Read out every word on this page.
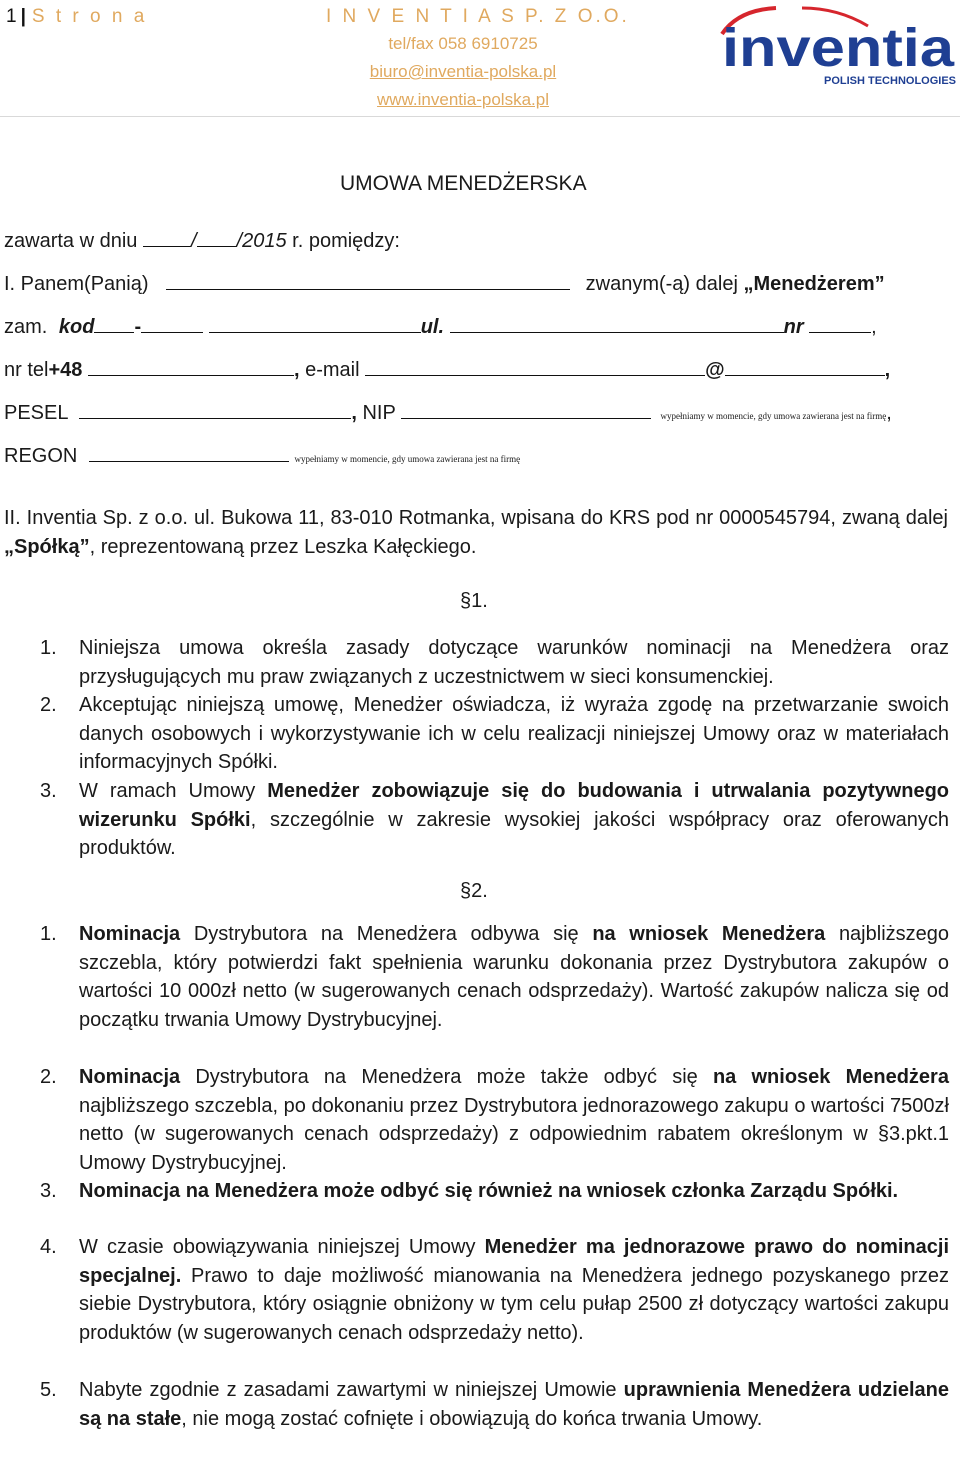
1 | S t r o n a	I N V E N T I A S P. Z O.O.
tel/fax 058 6910725
biuro@inventia-polska.pl
www.inventia-polska.pl
inventia
POLISH TECHNOLOGIES
UMOWA MENEDŻERSKA
zawarta w dniu	/ /2015 r. pomiędzy:
I. Panem(Panią)	zwanym(-ą) dalej „Menedżerem”
zam. kod -	ul.	nr	,
nr tel+48	, e-mail	@	,
PESEL	, NIP	wypełniamy w momencie, gdy umowa zawierana jest na firmę,
REGON	wypełniamy w momencie, gdy umowa zawierana jest na firmę
II. Inventia Sp. z o.o. ul. Bukowa 11, 83-010 Rotmanka, wpisana do KRS pod nr 0000545794, zwaną dalej „Spółką”, reprezentowaną przez Leszka Kałęckiego.
§1.
1. Niniejsza umowa określa zasady dotyczące warunków nominacji na Menedżera oraz przysługujących mu praw związanych z uczestnictwem w sieci konsumenckiej.
2. Akceptując niniejszą umowę, Menedżer oświadcza, iż wyraża zgodę na przetwarzanie swoich danych osobowych i wykorzystywanie ich w celu realizacji niniejszej Umowy oraz w materiałach informacyjnych Spółki.
3. W ramach Umowy Menedżer zobowiązuje się do budowania i utrwalania pozytywnego wizerunku Spółki, szczególnie w zakresie wysokiej jakości współpracy oraz oferowanych produktów.
§2.
1. Nominacja Dystrybutora na Menedżera odbywa się na wniosek Menedżera najbliższego szczebla, który potwierdzi fakt spełnienia warunku dokonania przez Dystrybutora zakupów o wartości 10 000zł netto (w sugerowanych cenach odsprzedaży). Wartość zakupów nalicza się od początku trwania Umowy Dystrybucyjnej.
2. Nominacja Dystrybutora na Menedżera może także odbyć się na wniosek Menedżera najbliższego szczebla, po dokonaniu przez Dystrybutora jednorazowego zakupu o wartości 7500zł netto (w sugerowanych cenach odsprzedaży) z odpowiednim rabatem określonym w §3.pkt.1 Umowy Dystrybucyjnej.
3. Nominacja na Menedżera może odbyć się również na wniosek członka Zarządu Spółki.
4. W czasie obowiązywania niniejszej Umowy Menedżer ma jednorazowe prawo do nominacji specjalnej. Prawo to daje możliwość mianowania na Menedżera jednego pozyskanego przez siebie Dystrybutora, który osiągnie obniżony w tym celu pułap 2500 zł dotyczący wartości zakupu produktów (w sugerowanych cenach odsprzedaży netto).
5. Nabyte zgodnie z zasadami zawartymi w niniejszej Umowie uprawnienia Menedżera udzielane są na stałe, nie mogą zostać cofnięte i obowiązują do końca trwania Umowy.
